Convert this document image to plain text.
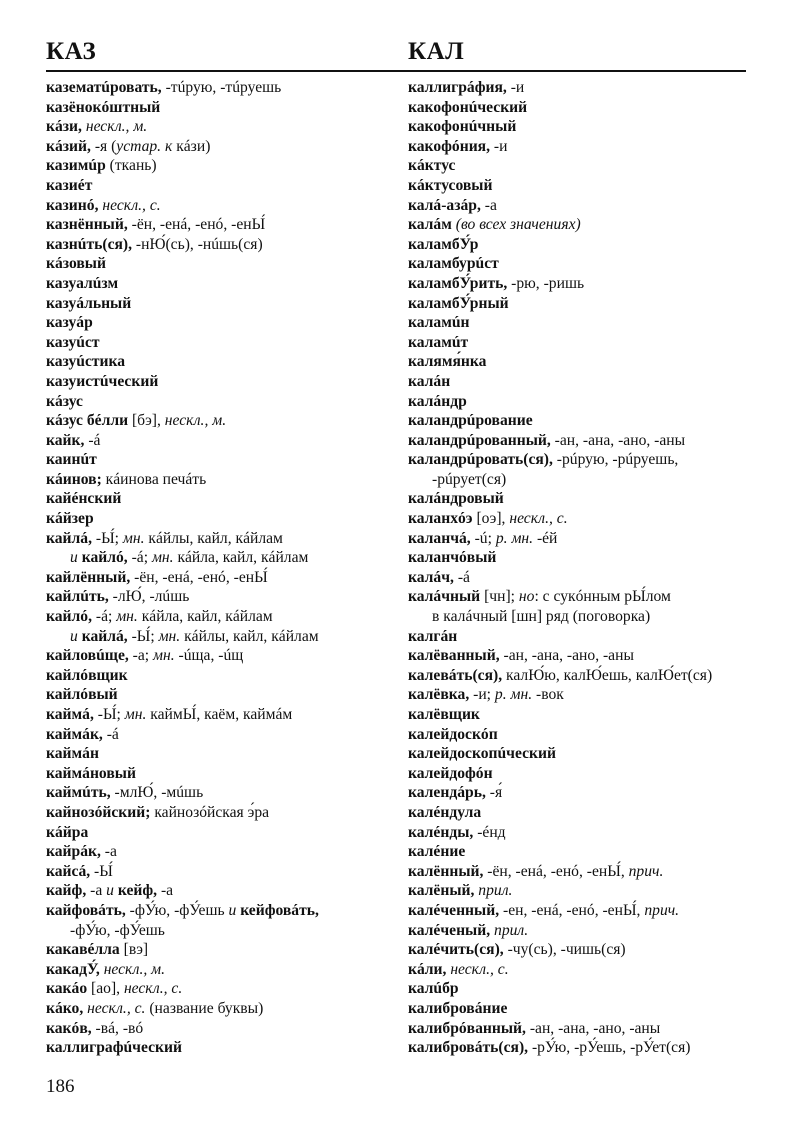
КАЗ	КАЛ
казематúровать, -тúрую, -тúруешь
казёнокóштный
кáзи, нескл., м.
кáзий, -я (устар. к кáзи)
казимúр (ткань)
казиéт
казинó, нескл., с.
казнённый, -ён, -енá, -енó, -енЫ́
казнúть(ся), -нЮ́(сь), -нúшь(ся)
кáзовый
казуалúзм
казуáльный
казуáр
казуúст
казуúстика
казуистúческий
кáзус
кáзус бéлли [бэ], нескл., м.
кайк, -á
каинúт
кáинов; кáинова печáть
кайéнский
кáйзер
кайлá, -Ы́; мн. кáйлы, кайл, кáйлам
и кайлó, -á; мн. кáйла, кайл, кáйлам
кайлённый, -ён, -енá, -енó, -енЫ́
кайлúть, -лЮ́, -лúшь
кайлó, -á; мн. кáйла, кайл, кáйлам
и кайлá, -Ы́; мн. кáйлы, кайл, кáйлам
кайловúще, -а; мн. -úща, -úщ
кайлóвщик
кайлóвый
каймá, -Ы́; мн. каймЫ́, каём, каймáм
каймáк, -á
каймáн
каймáновый
каймúть, -млЮ́, -мúшь
кайнозóйский; кайнозóйская э́ра
кáйра
кайрáк, -а
кайсá, -Ы́
кайф, -а и кейф, -а
кайфовáть, -фУ́ю, -фУ́ешь и кейфовáть,
-фУ́ю, -фУ́ешь
какавéлла [вэ]
какадУ́, нескл., м.
какáо [ао], нескл., с.
кáко, нескл., с. (название буквы)
какóв, -вá, -вó
каллиграфúческий
каллигрáфия, -и
какофонúческий
какофонúчный
какофóния, -и
кáктус
кáктусовый
калá-азáр, -а
калáм (во всех значениях)
каламбУ́р
каламбурúст
каламбУ́рить, -рю, -ришь
каламбУ́рный
каламúн
каламúт
калямя́нка
калáн
калáндр
каландрúрование
каландрúрованный, -ан, -ана, -ано, -аны
каландрúровать(ся), -рúрую, -рúруешь,
-рúрует(ся)
калáндровый
каланхóэ [оэ], нескл., с.
каланчá, -ú; р. мн. -éй
каланчóвый
калáч, -á
калáчный [чн]; но: с сукóнным рЫ́лом
в калáчный [шн] ряд (поговорка)
калгáн
калёванный, -ан, -ана, -ано, -аны
калевáть(ся), калЮ́ю, калЮ́ешь, калЮ́ет(ся)
калёвка, -и; р. мн. -вок
калёвщик
калейдоскóп
калейдоскопúческий
калейдофóн
календáрь, -я́
калéндула
калéнды, -éнд
калéние
калённый, -ён, -енá, -енó, -енЫ́, прич.
калёный, прил.
калéченный, -ен, -енá, -енó, -енЫ́, прич.
калéченый, прил.
калéчить(ся), -чу(сь), -чишь(ся)
кáли, нескл., с.
калúбр
калибровáние
калибрóванный, -ан, -ана, -ано, -аны
калибровáть(ся), -рУ́ю, -рУ́ешь, -рУ́ет(ся)
186
